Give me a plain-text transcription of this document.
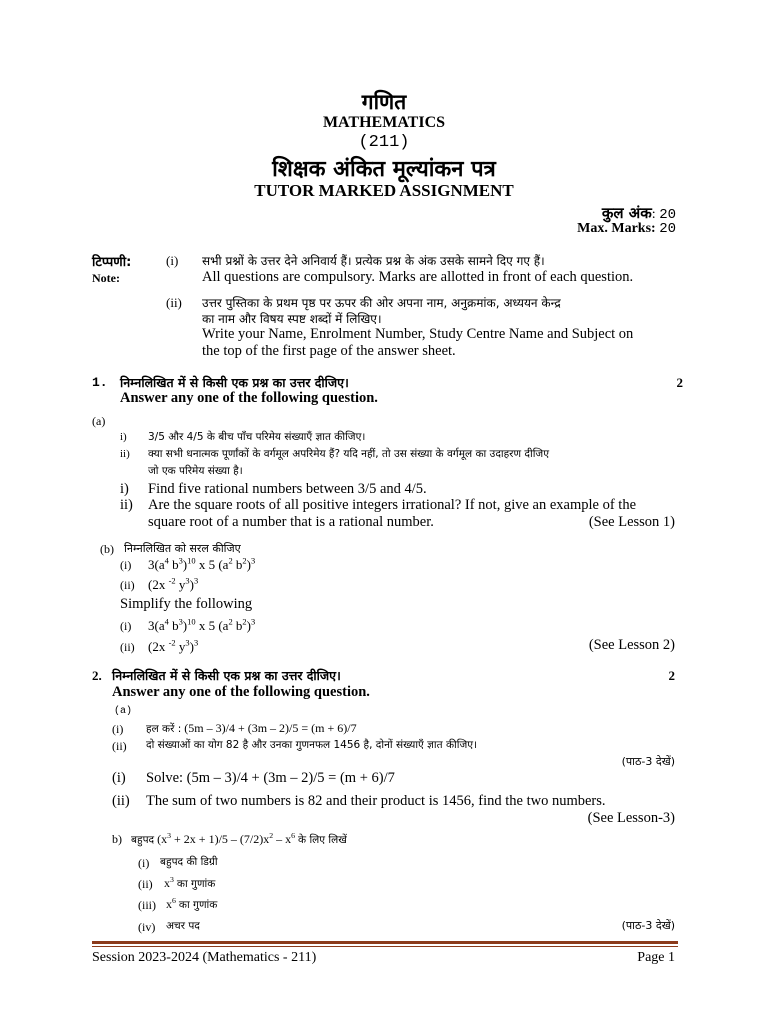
गणित
MATHEMATICS
(211)
शिक्षक अंकित मूल्यांकन पत्र
TUTOR MARKED ASSIGNMENT
कुल अंक: 20
Max. Marks: 20
टिप्पणी:
Note:
(i) सभी प्रश्नों के उत्तर देने अनिवार्य हैं। प्रत्येक प्रश्न के अंक उसके सामने दिए गए हैं।
All questions are compulsory. Marks are allotted in front of each question.
(ii) उत्तर पुस्तिका के प्रथम पृष्ठ पर ऊपर की ओर अपना नाम, अनुक्रमांक, अध्ययन केन्द्र
का नाम और विषय स्पष्ट शब्दों में लिखिए।
Write your Name, Enrolment Number, Study Centre Name and Subject on
the top of the first page of the answer sheet.
1. निम्नलिखित में से किसी एक प्रश्न का उत्तर दीजिए।	2
Answer any one of the following question.
(a)
i) 3/5 और 4/5 के बीच पाँच परिमेय संख्याएँ ज्ञात कीजिए।
ii) क्या सभी धनात्मक पूर्णांकों के वर्गमूल अपरिमेय हैं? यदि नहीं, तो उस संख्या के वर्गमूल का उदाहरण दीजिए
जो एक परिमेय संख्या है।
i) Find five rational numbers between 3/5 and 4/5.
ii) Are the square roots of all positive integers irrational? If not, give an example of the
square root of a number that is a rational number.	(See Lesson 1)
(b) निम्नलिखित को सरल कीजिए
(i) $3(a^4$ $b^3)^{10}$ x 5 ($a^2$ $b^2)^3$
(ii) (2x $^{-2}$ $y^3)^3$
Simplify the following
(i) $3(a^4$ $b^3)^{10}$ x 5 ($a^2$ $b^2)^3$
(ii) (2x $^{-2}$ $y^3)^3$	(See Lesson 2)
2. निम्नलिखित में से किसी एक प्रश्न का उत्तर दीजिए।	2
Answer any one of the following question.
(a)
(i) हल करें : (5m – 3)/4 + (3m – 2)/5 = (m + 6)/7
(ii) दो संख्याओं का योग 82 है और उनका गुणनफल 1456 है, दोनों संख्याएँ ज्ञात कीजिए।
(पाठ-3 देखें)
(i) Solve: (5m – 3)/4 + (3m – 2)/5 = (m + 6)/7
(ii) The sum of two numbers is 82 and their product is 1456, find the two numbers.
(See Lesson-3)
b) बहुपद $(x^3 + 2x + 1)/5 - (7/2)x^2 - x^6$ के लिए लिखें
(i) बहुपद की डिग्री
(ii) $x^3$ का गुणांक
(iii) $x^6$ का गुणांक
(iv) अचर पद	(पाठ-3 देखें)
Session 2023-2024 (Mathematics - 211)	Page 1
